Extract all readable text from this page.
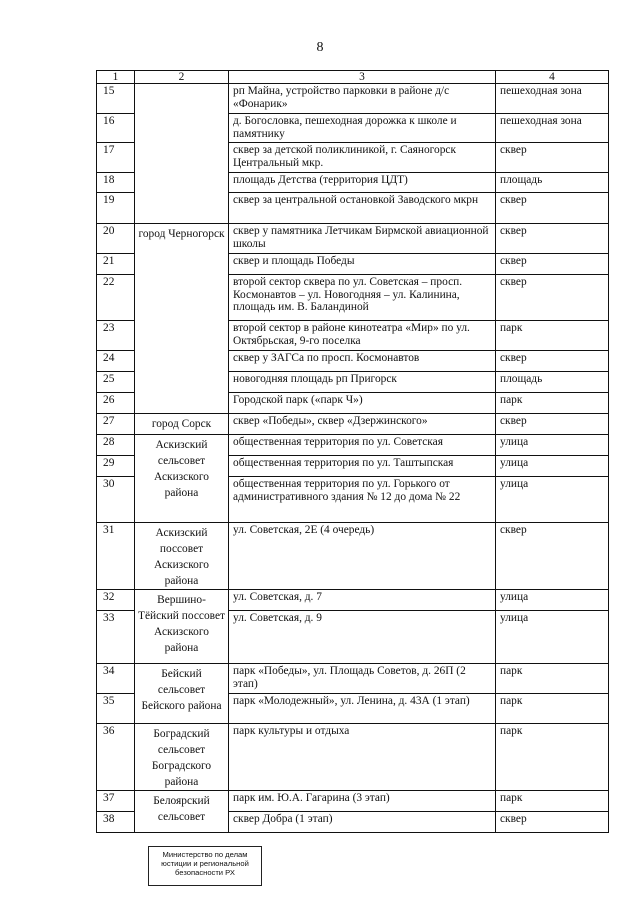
8
1	2	3	4
15		рп Майна, устройство парковки в районе д/с «Фонарик»	пешеходная зона
16		д. Богословка, пешеходная дорожка к школе и памятнику	пешеходная зона
17		сквер за детской поликлиникой, г. Саяногорск Центральный мкр.	сквер
18		площадь Детства (территория ЦДТ)	площадь
19		сквер за центральной остановкой Заводского мкрн	сквер
20	город Черногорск	сквер у памятника Летчикам Бирмской авиационной школы	сквер
21		сквер и площадь Победы	сквер
22		второй сектор сквера по ул. Советская – просп. Космонавтов – ул. Новогодняя – ул. Калинина, площадь им. В. Баландиной	сквер
23		второй сектор в районе кинотеатра «Мир» по ул. Октябрьская, 9-го поселка	парк
24		сквер у ЗАГСа по просп. Космонавтов	сквер
25		новогодняя площадь рп Пригорск	площадь
26		Городской парк («парк Ч»)	парк
27	город Сорск	сквер «Победы», сквер «Дзержинского»	сквер
28	Аскизский сельсовет Аскизского района	общественная территория по ул. Советская	улица
29		общественная территория по ул. Таштыпская	улица
30		общественная территория по ул. Горького от административного здания № 12 до дома № 22	улица
31	Аскизский поссовет Аскизского района	ул. Советская, 2Е (4 очередь)	сквер
32	Вершино-Тёйский поссовет Аскизского района	ул. Советская, д. 7	улица
33		ул. Советская, д. 9	улица
34	Бейский сельсовет Бейского района	парк «Победы», ул. Площадь Советов, д. 26П (2 этап)	парк
35		парк «Молодежный», ул. Ленина, д. 43А (1 этап)	парк
36	Боградский сельсовет Боградского района	парк культуры и отдыха	парк
37	Белоярский сельсовет	парк им. Ю.А. Гагарина (3 этап)	парк
38		сквер Добра (1 этап)	сквер
Министерство по делам
юстиции и региональной
безопасности РХ
